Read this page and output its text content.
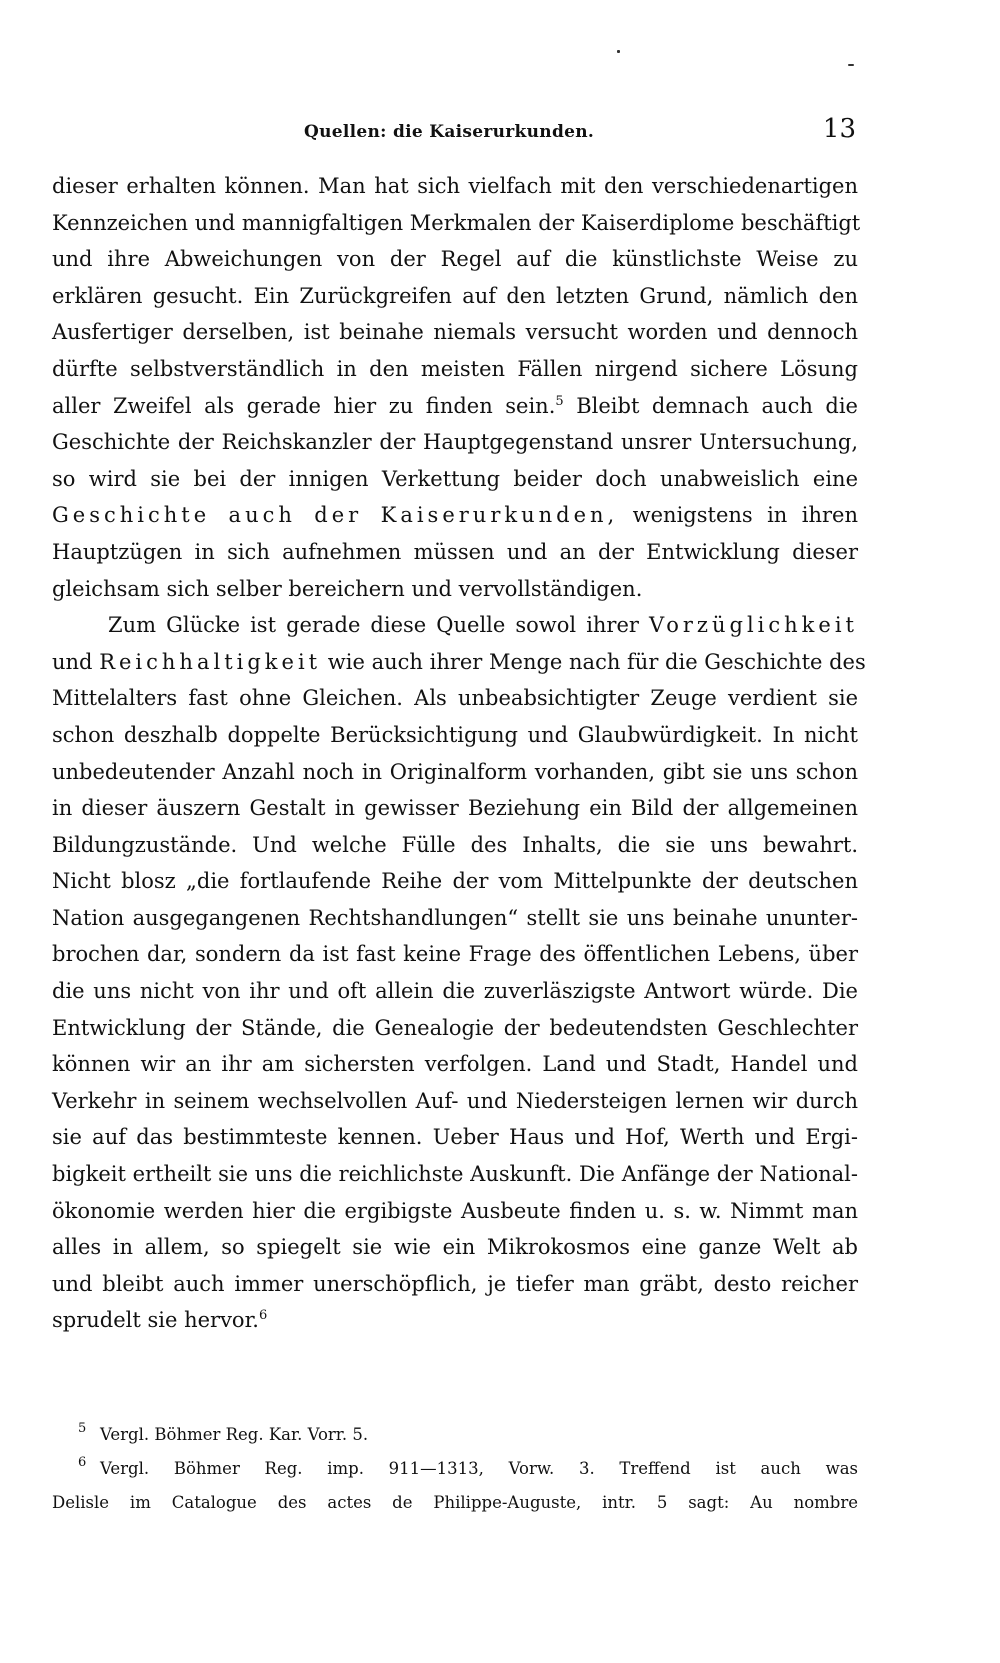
Quellen: die Kaiserurkunden.	13
dieser erhalten können. Man hat sich vielfach mit den verschiedenartigen
Kennzeichen und mannigfaltigen Merkmalen der Kaiserdiplome beschäftigt
und ihre Abweichungen von der Regel auf die künstlichste Weise zu
erklären gesucht. Ein Zurückgreifen auf den letzten Grund, nämlich den
Ausfertiger derselben, ist beinahe niemals versucht worden und dennoch
dürfte selbstverständlich in den meisten Fällen nirgend sichere Lösung
aller Zweifel als gerade hier zu finden sein.$^5$ Bleibt demnach auch die
Geschichte der Reichskanzler der Hauptgegenstand unsrer Untersuchung,
so wird sie bei der innigen Verkettung beider doch unabweislich eine
Geschichte auch der Kaiserurkunden, wenigstens in ihren
Hauptzügen in sich aufnehmen müssen und an der Entwicklung dieser
gleichsam sich selber bereichern und vervollständigen.
Zum Glücke ist gerade diese Quelle sowol ihrer Vorzüglichkeit
und Reichhaltigkeit wie auch ihrer Menge nach für die Geschichte des
Mittelalters fast ohne Gleichen. Als unbeabsichtigter Zeuge verdient sie
schon deszhalb doppelte Berücksichtigung und Glaubwürdigkeit. In nicht
unbedeutender Anzahl noch in Originalform vorhanden, gibt sie uns schon
in dieser äuszern Gestalt in gewisser Beziehung ein Bild der allgemeinen
Bildungzustände. Und welche Fülle des Inhalts, die sie uns bewahrt.
Nicht blosz „die fortlaufende Reihe der vom Mittelpunkte der deutschen
Nation ausgegangenen Rechtshandlungen“ stellt sie uns beinahe ununter-
brochen dar, sondern da ist fast keine Frage des öffentlichen Lebens, über
die uns nicht von ihr und oft allein die zuverläszigste Antwort würde. Die
Entwicklung der Stände, die Genealogie der bedeutendsten Geschlechter
können wir an ihr am sichersten verfolgen. Land und Stadt, Handel und
Verkehr in seinem wechselvollen Auf- und Niedersteigen lernen wir durch
sie auf das bestimmteste kennen. Ueber Haus und Hof, Werth und Ergi-
bigkeit ertheilt sie uns die reichlichste Auskunft. Die Anfänge der National-
ökonomie werden hier die ergibigste Ausbeute finden u. s. w. Nimmt man
alles in allem, so spiegelt sie wie ein Mikrokosmos eine ganze Welt ab
und bleibt auch immer unerschöpflich, je tiefer man gräbt, desto reicher
sprudelt sie hervor.$^6$
5 Vergl. Böhmer Reg. Kar. Vorr. 5.
6 Vergl. Böhmer Reg. imp. 911—1313, Vorw. 3. Treffend ist auch was
Delisle im Catalogue des actes de Philippe-Auguste, intr. 5 sagt: Au nombre
